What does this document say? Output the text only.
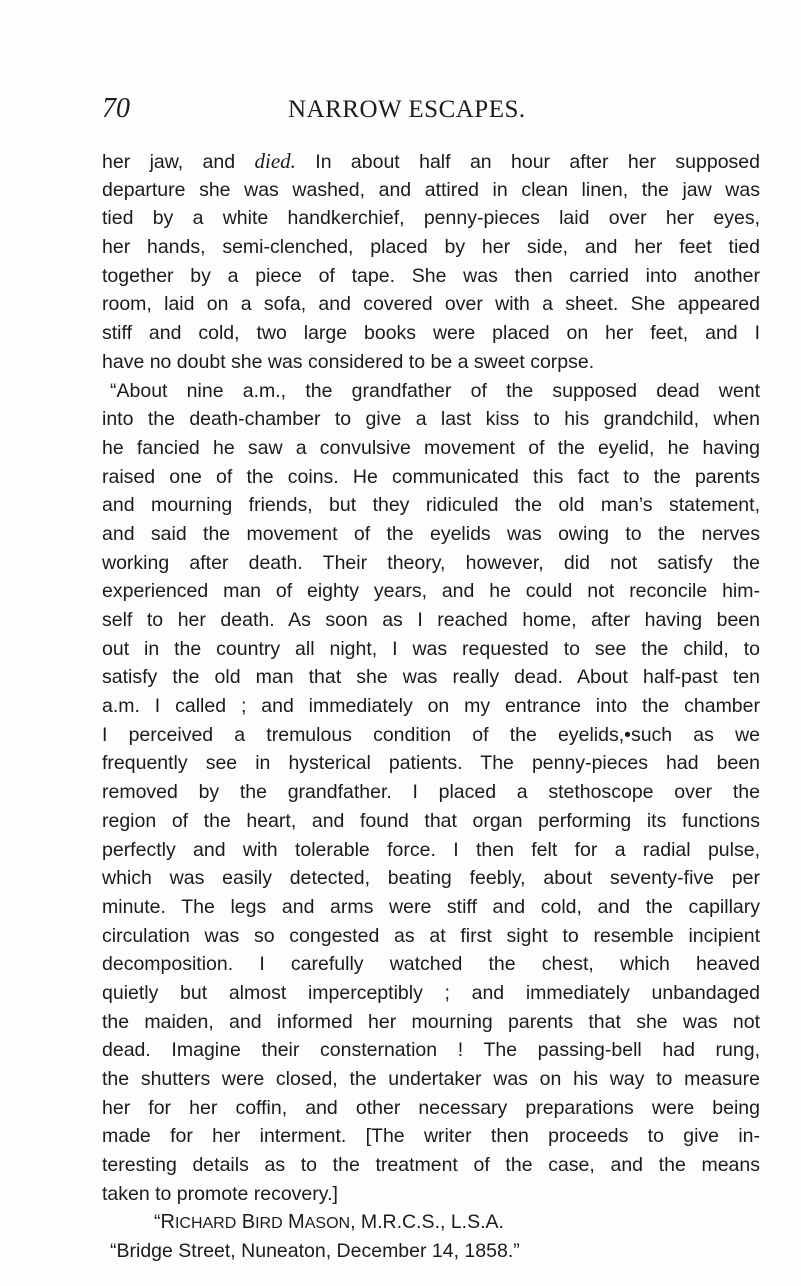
70	NARROW ESCAPES.
her jaw, and died. In about half an hour after her supposed
departure she was washed, and attired in clean linen, the jaw was
tied by a white handkerchief, penny-pieces laid over her eyes,
her hands, semi-clenched, placed by her side, and her feet tied
together by a piece of tape. She was then carried into another
room, laid on a sofa, and covered over with a sheet. She appeared
stiff and cold, two large books were placed on her feet, and I
have no doubt she was considered to be a sweet corpse.
“About nine a.m., the grandfather of the supposed dead went
into the death-chamber to give a last kiss to his grandchild, when
he fancied he saw a convulsive movement of the eyelid, he having
raised one of the coins. He communicated this fact to the parents
and mourning friends, but they ridiculed the old man’s statement,
and said the movement of the eyelids was owing to the nerves
working after death. Their theory, however, did not satisfy the
experienced man of eighty years, and he could not reconcile him-
self to her death. As soon as I reached home, after having been
out in the country all night, I was requested to see the child, to
satisfy the old man that she was really dead. About half-past ten
a.m. I called ; and immediately on my entrance into the chamber
I perceived a tremulous condition of the eyelids,•such as we
frequently see in hysterical patients. The penny-pieces had been
removed by the grandfather. I placed a stethoscope over the
region of the heart, and found that organ performing its functions
perfectly and with tolerable force. I then felt for a radial pulse,
which was easily detected, beating feebly, about seventy-five per
minute. The legs and arms were stiff and cold, and the capillary
circulation was so congested as at first sight to resemble incipient
decomposition. I carefully watched the chest, which heaved
quietly but almost imperceptibly ; and immediately unbandaged
the maiden, and informed her mourning parents that she was not
dead. Imagine their consternation ! The passing-bell had rung,
the shutters were closed, the undertaker was on his way to measure
her for her coffin, and other necessary preparations were being
made for her interment. [The writer then proceeds to give in-
teresting details as to the treatment of the case, and the means
taken to promote recovery.]
“RICHARD BIRD MASON, M.R.C.S., L.S.A.
“Bridge Street, Nuneaton, December 14, 1858.”
